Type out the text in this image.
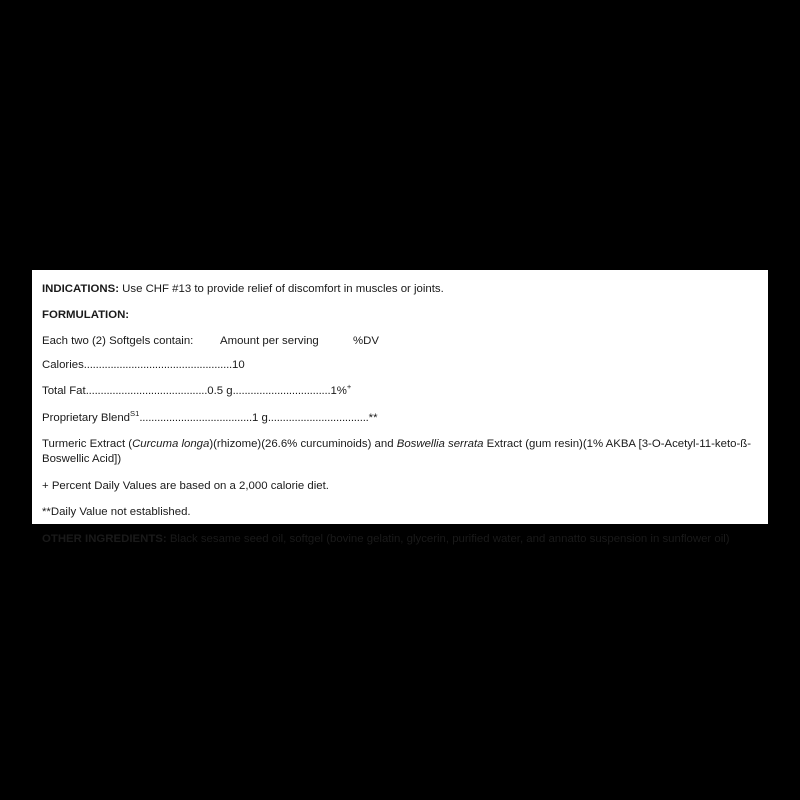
INDICATIONS: Use CHF #13 to provide relief of discomfort in muscles or joints.

FORMULATION:

Each two (2) Softgels contain: Amount per serving	%DV

Calories..................................................10

Total Fat.........................................0.5 g.................................1%+

Proprietary Blend$^{S1}$......................................1 g..................................**

Turmeric Extract (Curcuma longa)(rhizome)(26.6% curcuminoids) and Boswellia serrata Extract (gum resin)(1% AKBA [3-O-Acetyl-11-keto-ß-Boswellic Acid])

+ Percent Daily Values are based on a 2,000 calorie diet.

**Daily Value not established.

OTHER INGREDIENTS: Black sesame seed oil, softgel (bovine gelatin, glycerin, purified water, and annatto suspension in sunflower oil)
